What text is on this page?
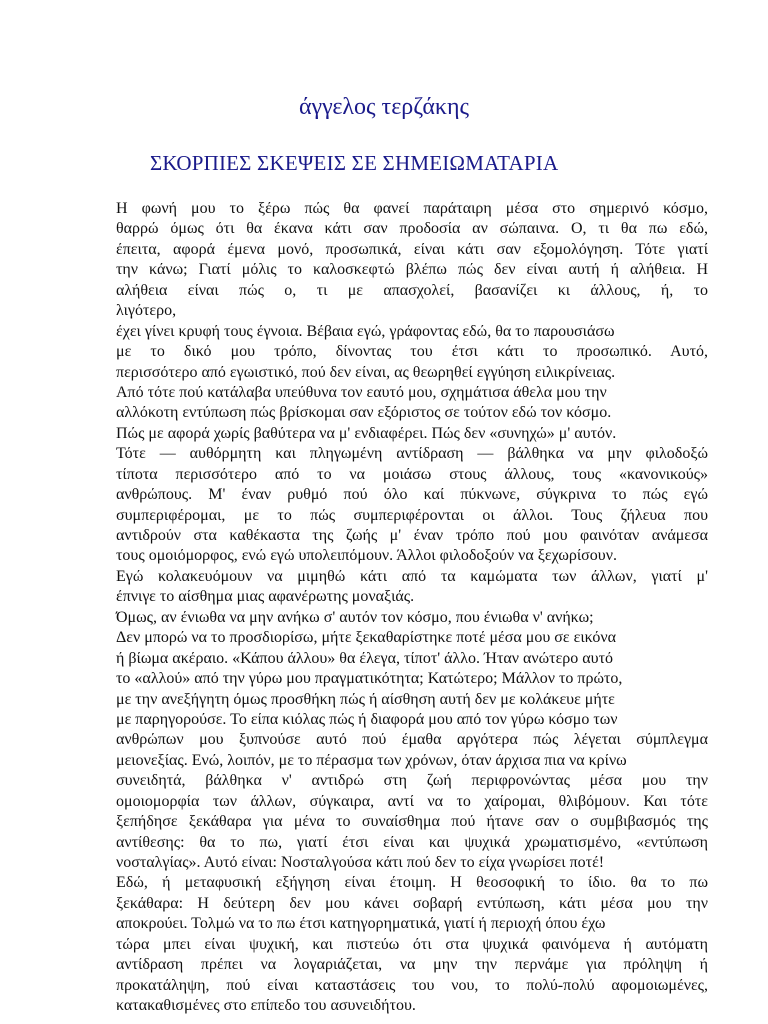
άγγελος τερζάκης
ΣΚΟΡΠΙΕΣ ΣΚΕΨΕΙΣ ΣΕ ΣΗΜΕΙΩΜΑΤΑΡΙΑ
Η φωνή μου το ξέρω πώς θα φανεί παράταιρη μέσα στο σημερινό κόσμο,
θαρρώ όμως ότι θα έκανα κάτι σαν προδοσία αν σώπαινα. Ο, τι θα πω εδώ,
έπειτα, αφορά έμενα μονό, προσωπικά, είναι κάτι σαν εξομολόγηση. Τότε γιατί
την κάνω; Γιατί μόλις το καλοσκεφτώ βλέπω πώς δεν είναι αυτή ή αλήθεια. Η
αλήθεια είναι πώς ο, τι με απασχολεί, βασανίζει κι άλλους, ή, το
λιγότερο,
έχει γίνει κρυφή τους έγνοια. Βέβαια εγώ, γράφοντας εδώ, θα το παρουσιάσω
με το δικό μου τρόπο, δίνοντας του έτσι κάτι το προσωπικό. Αυτό,
περισσότερο από εγωιστικό, πού δεν είναι, ας θεωρηθεί εγγύηση ειλικρίνειας.
Από τότε πού κατάλαβα υπεύθυνα τον εαυτό μου, σχημάτισα άθελα μου την
αλλόκοτη εντύπωση πώς βρίσκομαι σαν εξόριστος σε τούτον εδώ τον κόσμο.
Πώς με αφορά χωρίς βαθύτερα να μ' ενδιαφέρει. Πώς δεν «συνηχώ» μ' αυτόν.
Τότε — αυθόρμητη και πληγωμένη αντίδραση — βάλθηκα να μην φιλοδοξώ
τίποτα περισσότερο από το να μοιάσω στους άλλους, τους «κανονικούς»
ανθρώπους. Μ' έναν ρυθμό πού όλο καί πύκνωνε, σύγκρινα το πώς εγώ
συμπεριφέρομαι, με το πώς συμπεριφέρονται οι άλλοι. Τους ζήλευα που
αντιδρούν στα καθέκαστα της ζωής μ' έναν τρόπο πού μου φαινόταν ανάμεσα
τους ομοιόμορφος, ενώ εγώ υπολειπόμουν. Άλλοι φιλοδοξούν να ξεχωρίσουν.
Εγώ κολακευόμουν να μιμηθώ κάτι από τα καμώματα των άλλων, γιατί μ'
έπνιγε το αίσθημα μιας αφανέρωτης μοναξιάς.
Όμως, αν ένιωθα να μην ανήκω σ' αυτόν τον κόσμο, που ένιωθα ν' ανήκω;
Δεν μπορώ να το προσδιορίσω, μήτε ξεκαθαρίστηκε ποτέ μέσα μου σε εικόνα
ή βίωμα ακέραιο. «Κάπου άλλου» θα έλεγα, τίποτ' άλλο. Ήταν ανώτερο αυτό
το «αλλού» από την γύρω μου πραγματικότητα; Κατώτερο; Μάλλον το πρώτο,
με την ανεξήγητη όμως προσθήκη πώς ή αίσθηση αυτή δεν με κολάκευε μήτε
με παρηγορούσε. Το είπα κιόλας πώς ή διαφορά μου από τον γύρω κόσμο των
ανθρώπων μου ξυπνούσε αυτό πού έμαθα αργότερα πώς λέγεται σύμπλεγμα
μειονεξίας. Ενώ, λοιπόν, με το πέρασμα των χρόνων, όταν άρχισα πια να κρίνω
συνειδητά, βάλθηκα ν' αντιδρώ στη ζωή περιφρονώντας μέσα μου την
ομοιομορφία των άλλων, σύγκαιρα, αντί να το χαίρομαι, θλιβόμουν. Και τότε
ξεπήδησε ξεκάθαρα για μένα το συναίσθημα πού ήτανε σαν ο συμβιβασμός της
αντίθεσης: θα το πω, γιατί έτσι είναι και ψυχικά χρωματισμένο, «εντύπωση
νοσταλγίας». Αυτό είναι: Νοσταλγούσα κάτι πού δεν το είχα γνωρίσει ποτέ!
Εδώ, ή μεταφυσική εξήγηση είναι έτοιμη. Η θεοσοφική το ίδιο. θα το πω
ξεκάθαρα: Η δεύτερη δεν μου κάνει σοβαρή εντύπωση, κάτι μέσα μου την
αποκρούει. Τολμώ να το πω έτσι κατηγορηματικά, γιατί ή περιοχή όπου έχω
τώρα μπει είναι ψυχική, και πιστεύω ότι στα ψυχικά φαινόμενα ή αυτόματη
αντίδραση πρέπει να λογαριάζεται, να μην την περνάμε για πρόληψη ή
προκατάληψη, πού είναι καταστάσεις του νου, το πολύ-πολύ αφομοιωμένες,
κατακαθισμένες στο επίπεδο του ασυνειδήτου.
